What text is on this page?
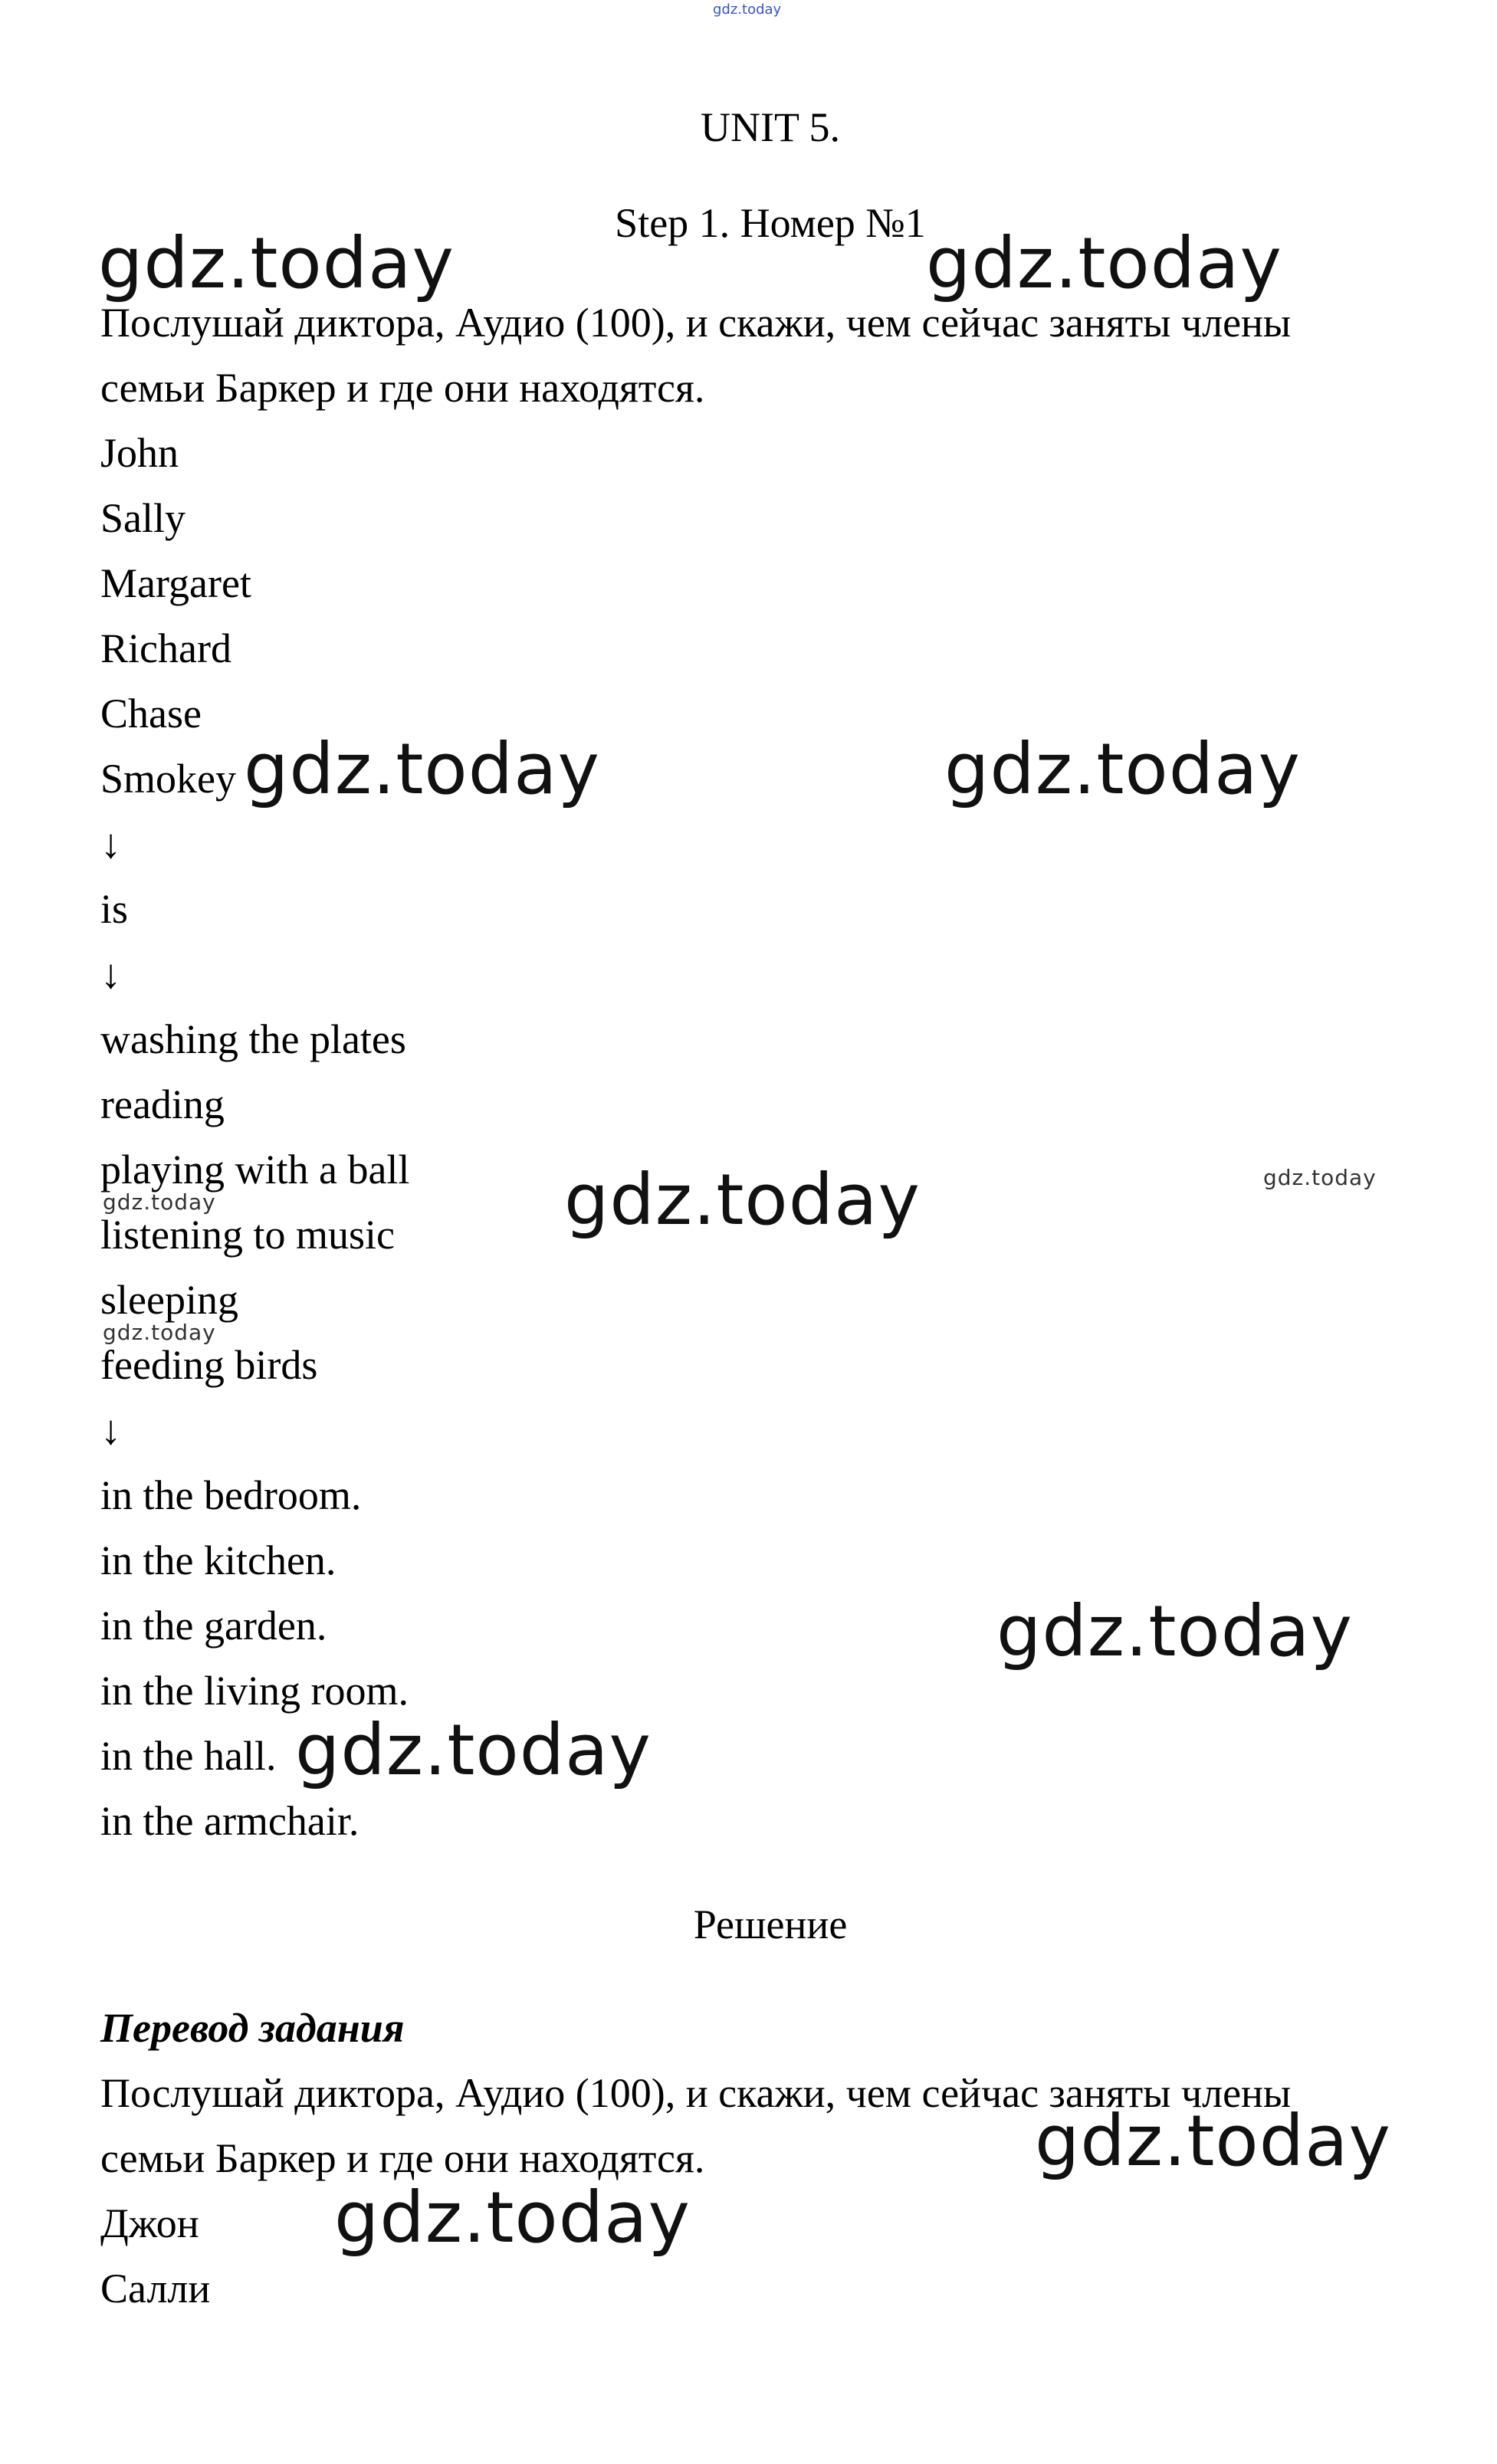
gdz.today
UNIT 5.
Step 1. Номер №1
Послушай диктора, Аудио (100), и скажи, чем сейчас заняты члены
семьи Баркер и где они находятся.
John
Sally
Margaret
Richard
Chase
Smokey
↓
is
↓
washing the plates
reading
playing with a ball
listening to music
sleeping
feeding birds
↓
in the bedroom.
in the kitchen.
in the garden.
in the living room.
in the hall.
in the armchair.
Решение
Перевод задания
Послушай диктора, Аудио (100), и скажи, чем сейчас заняты члены
семьи Баркер и где они находятся.
Джон
Салли
gdz.today	gdz.today
gdz.today	gdz.today
gdz.today	gdz.today
gdz.today
gdz.today
gdz.today
gdz.today
gdz.today
gdz.today
